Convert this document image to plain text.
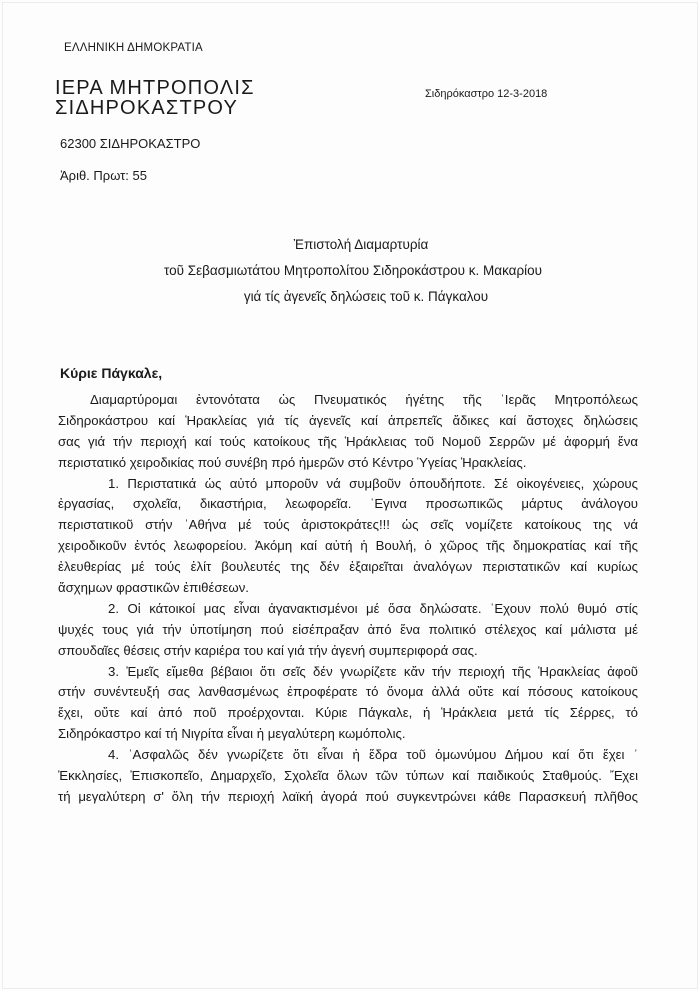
ΕΛΛΗΝΙΚΗ ΔΗΜΟΚΡΑΤΙΑ
ΙΕΡΑ ΜΗΤΡΟΠΟΛΙΣ
ΣΙΔΗΡΟΚΑΣΤΡΟΥ
62300 ΣΙΔΗΡΟΚΑΣΤΡΟ
Ἀριθ. Πρωτ: 55
Σιδηρόκαστρο 12-3-2018
Ἐπιστολή Διαμαρτυρία
τοῦ Σεβασμιωτάτου Μητροπολίτου Σιδηροκάστρου κ. Μακαρίου
γιά τίς ἀγενεῖς δηλώσεις τοῦ κ. Πάγκαλου
Κύριε Πάγκαλε,
Διαμαρτύρομαι ἐντονότατα ὡς Πνευματικός ἡγέτης τῆς ˈΙερᾶς Μητροπόλεως
Σιδηροκάστρου καί Ἡρακλείας γιά τίς ἀγενεῖς καί ἀπρεπεῖς ἄδικες καί ἄστοχες δηλώσεις
σας γιά τήν περιοχή καί τούς κατοίκους τῆς Ἡράκλειας τοῦ Νομοῦ Σερρῶν μέ ἀφορμή ἕνα
περιστατικό χειροδικίας πού συνέβη πρό ἡμερῶν στό Κέντρο Ὑγείας Ἡρακλείας.
1. Περιστατικά ὡς αὐτό μποροῦν νά συμβοῦν ὁπουδήποτε. Σέ οἰκογένειες, χώρους
ἐργασίας, σχολεῖα, δικαστήρια, λεωφορεῖα. ˈΕγινα προσωπικῶς μάρτυς ἀνάλογου
περιστατικοῦ στήν ˈΑθήνα μέ τούς ἀριστοκράτες!!! ὡς σεῖς νομίζετε κατοίκους της νά
χειροδικοῦν ἐντός λεωφορείου. Ἀκόμη καί αὐτή ἡ Βουλή, ὁ χῶρος τῆς δημοκρατίας καί τῆς
ἐλευθερίας μέ τούς ἐλίτ βουλευτές της δέν ἐξαιρεῖται ἀναλόγων περιστατικῶν καί κυρίως
ἄσχημων φραστικῶν ἐπιθέσεων.
2. Οἱ κάτοικοί μας εἶναι ἀγανακτισμένοι μέ ὅσα δηλώσατε. ˈΕχουν πολύ θυμό στίς
ψυχές τους γιά τήν ὑποτίμηση πού εἰσέπραξαν ἀπό ἕνα πολιτικό στέλεχος καί μάλιστα μέ
σπουδαῖες θέσεις στήν καριέρα του καί γιά τήν ἀγενή συμπεριφορά σας.
3. Ἐμεῖς εἴμεθα βέβαιοι ὅτι σεῖς δέν γνωρίζετε κἄν τήν περιοχή τῆς Ἡρακλείας ἀφοῦ
στήν συνέντευξή σας λανθασμένως ἐπροφέρατε τό ὄνομα ἀλλά οὔτε καί πόσους κατοίκους
ἔχει, οὔτε καί ἀπό ποῦ προέρχονται. Κύριε Πάγκαλε, ἡ Ἡράκλεια μετά τίς Σέρρες, τό
Σιδηρόκαστρο καί τή Νιγρίτα εἶναι ἡ μεγαλύτερη κωμόπολις.
4. ˈΑσφαλῶς δέν γνωρίζετε ὅτι εἶναι ἡ ἕδρα τοῦ ὁμωνύμου Δήμου καί ὅτι ἔχει ˈ
Ἐκκλησίες, Ἐπισκοπεῖο, Δημαρχεῖο, Σχολεῖα ὅλων τῶν τύπων καί παιδικούς Σταθμούς. Ἔχει
τή μεγαλύτερη σ' ὅλη τήν περιοχή λαϊκή ἀγορά πού συγκεντρώνει κάθε Παρασκευή πλῆθος
